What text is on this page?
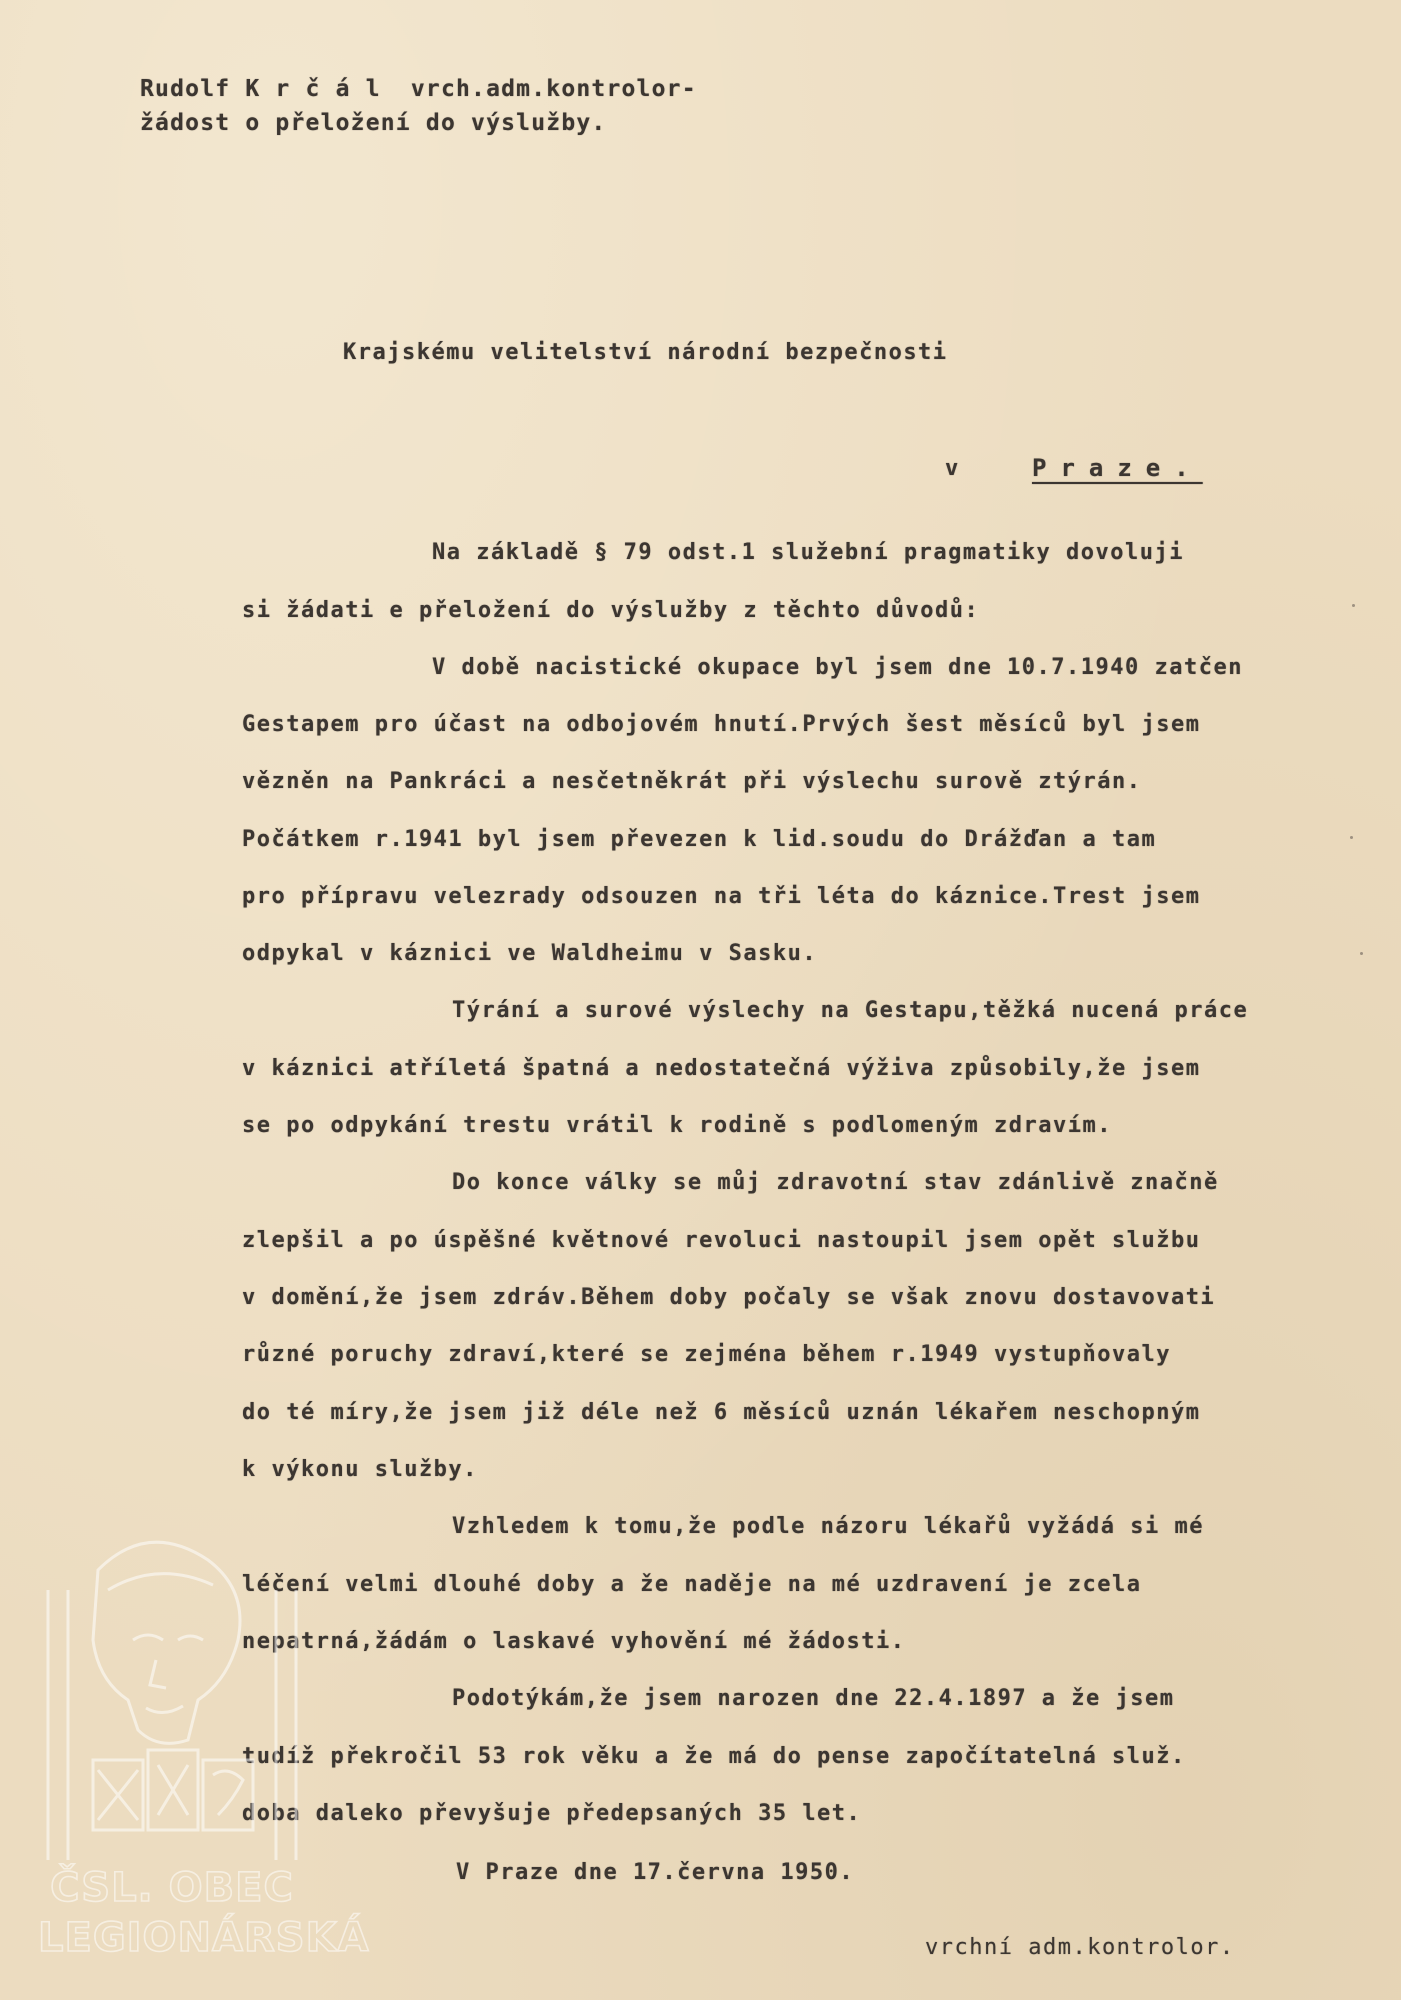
Rudolf K r č á l  vrch.adm.kontrolor-
žádost o přeložení do výslužby.
Krajskému velitelství národní bezpečnosti
v	Praze.
Na základě § 79 odst.1 služební pragmatiky dovoluji
si žádati e přeložení do výslužby z těchto důvodů:
V době nacistické okupace byl jsem dne 10.7.1940 zatčen
Gestapem pro účast na odbojovém hnutí.Prvých šest měsíců byl jsem
vězněn na Pankráci a nesčetněkrát při výslechu surově ztýrán.
Počátkem r.1941 byl jsem převezen k lid.soudu do Drážďan a tam
pro přípravu velezrady odsouzen na tři léta do káznice.Trest jsem
odpykal v káznici ve Waldheimu v Sasku.
Týrání a surové výslechy na Gestapu,těžká nucená práce
v káznici atříletá špatná a nedostatečná výživa způsobily,že jsem
se po odpykání trestu vrátil k rodině s podlomeným zdravím.
Do konce války se můj zdravotní stav zdánlivě značně
zlepšil a po úspěšné květnové revoluci nastoupil jsem opět službu
v domění,že jsem zdráv.Během doby počaly se však znovu dostavovati
různé poruchy zdraví,které se zejména během r.1949 vystupňovaly
do té míry,že jsem již déle než 6 měsíců uznán lékařem neschopným
k výkonu služby.
Vzhledem k tomu,že podle názoru lékařů vyžádá si mé
léčení velmi dlouhé doby a že naděje na mé uzdravení je zcela
nepatrná,žádám o laskavé vyhovění mé žádosti.
Podotýkám,že jsem narozen dne 22.4.1897 a že jsem
tudíž překročil 53 rok věku a že má do pense započítatelná služ.
doba daleko převyšuje předepsaných 35 let.
V Praze dne 17.června 1950.
vrchní adm.kontrolor.
ČSL. OBEC
LEGIONÁRSKÁ
